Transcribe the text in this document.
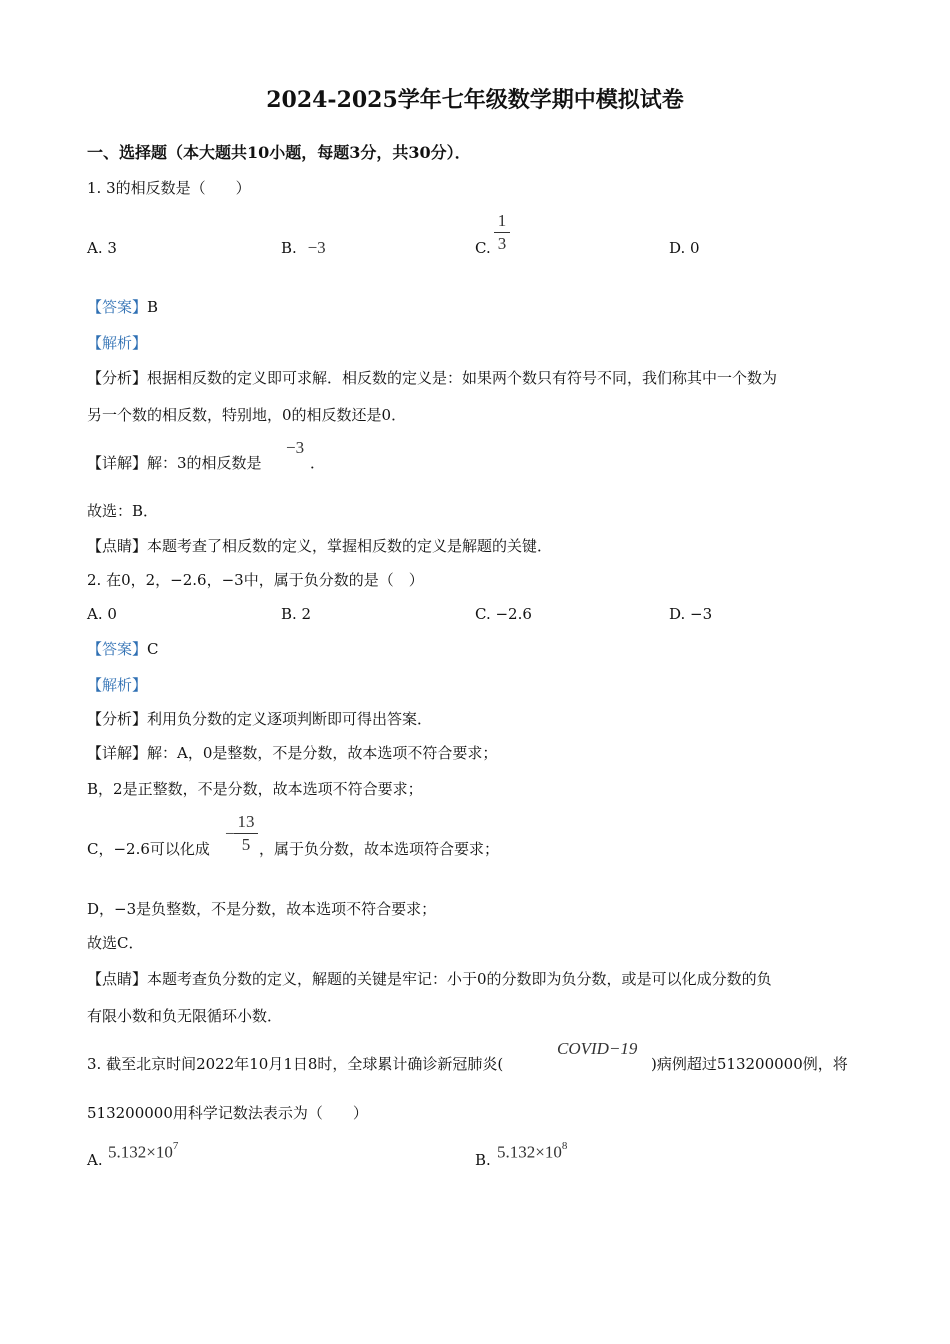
2024-2025学年七年级数学期中模拟试卷
一、选择题（本大题共10小题，每题3分，共30分）．
1. 3的相反数是（　　）
A. 3	B. −3	C.
1
3	D. 0
【答案】B
【解析】
【分析】根据相反数的定义即可求解．相反数的定义是：如果两个数只有符号不同，我们称其中一个数为
另一个数的相反数，特别地，0的相反数还是0．
【详解】解：3的相反数是
−3
．
故选：B．
【点睛】本题考查了相反数的定义，掌握相反数的定义是解题的关键．
2. 在0，2，−2.6，−3中，属于负分数的是（　）
A. 0	B. 2	C. −2.6	D. −3
【答案】C
【解析】
【分析】利用负分数的定义逐项判断即可得出答案．
【详解】解：A，0是整数，不是分数，故本选项不符合要求；
B，2是正整数，不是分数，故本选项不符合要求；
C，−2.6可以化成
−
13
5 ，属于负分数，故本选项符合要求；
D，−3是负整数，不是分数，故本选项不符合要求；
故选C．
【点睛】本题考查负分数的定义，解题的关键是牢记：小于0的分数即为负分数，或是可以化成分数的负
有限小数和负无限循环小数．
3. 截至北京时间2022年10月1日8时，全球累计确诊新冠肺炎(
COVID−19
)病例超过513200000例，将
513200000用科学记数法表示为（　　）
A. $5.132\times 10^7$
B. $5.132\times 10^8$
